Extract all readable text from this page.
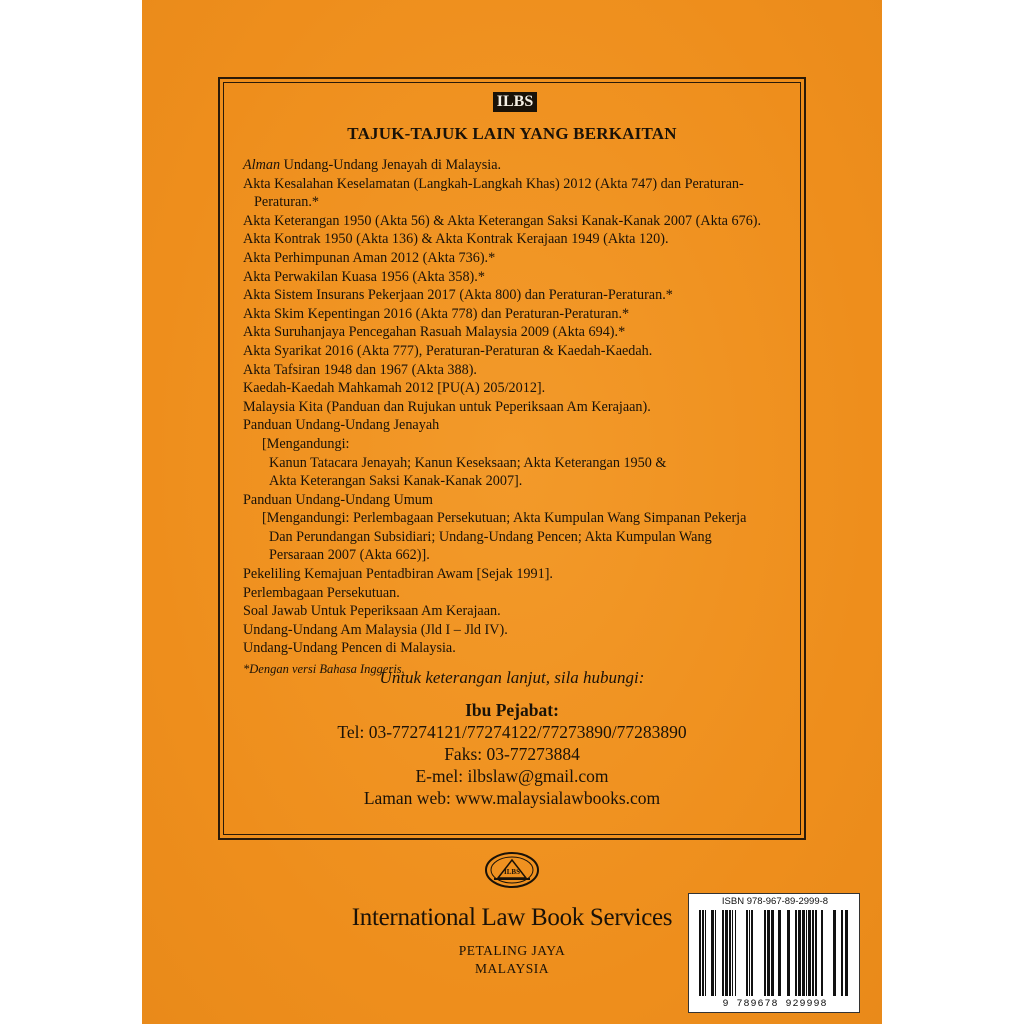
ILBS
TAJUK-TAJUK LAIN YANG BERKAITAN
Alman Undang-Undang Jenayah di Malaysia.
Akta Kesalahan Keselamatan (Langkah-Langkah Khas) 2012 (Akta 747) dan Peraturan-
Peraturan.*
Akta Keterangan 1950 (Akta 56) & Akta Keterangan Saksi Kanak-Kanak 2007 (Akta 676).
Akta Kontrak 1950 (Akta 136) & Akta Kontrak Kerajaan 1949 (Akta 120).
Akta Perhimpunan Aman 2012 (Akta 736).*
Akta Perwakilan Kuasa 1956 (Akta 358).*
Akta Sistem Insurans Pekerjaan 2017 (Akta 800) dan Peraturan-Peraturan.*
Akta Skim Kepentingan 2016 (Akta 778) dan Peraturan-Peraturan.*
Akta Suruhanjaya Pencegahan Rasuah Malaysia 2009 (Akta 694).*
Akta Syarikat 2016 (Akta 777), Peraturan-Peraturan & Kaedah-Kaedah.
Akta Tafsiran 1948 dan 1967 (Akta 388).
Kaedah-Kaedah Mahkamah 2012 [PU(A) 205/2012].
Malaysia Kita (Panduan dan Rujukan untuk Peperiksaan Am Kerajaan).
Panduan Undang-Undang Jenayah
[Mengandungi:
Kanun Tatacara Jenayah; Kanun Keseksaan; Akta Keterangan 1950 &
Akta Keterangan Saksi Kanak-Kanak 2007].
Panduan Undang-Undang Umum
[Mengandungi: Perlembagaan Persekutuan; Akta Kumpulan Wang Simpanan Pekerja
Dan Perundangan Subsidiari; Undang-Undang Pencen; Akta Kumpulan Wang
Persaraan 2007 (Akta 662)].
Pekeliling Kemajuan Pentadbiran Awam [Sejak 1991].
Perlembagaan Persekutuan.
Soal Jawab Untuk Peperiksaan Am Kerajaan.
Undang-Undang Am Malaysia (Jld I – Jld IV).
Undang-Undang Pencen di Malaysia.
*Dengan versi Bahasa Inggeris.
Untuk keterangan lanjut, sila hubungi:
Ibu Pejabat:
Tel: 03-77274121/77274122/77273890/77283890
Faks: 03-77273884
E-mel: ilbslaw@gmail.com
Laman web: www.malaysialawbooks.com
ILBS
International Law Book Services
PETALING JAYA
MALAYSIA
ISBN 978-967-89-2999-8
9 789678 929998
